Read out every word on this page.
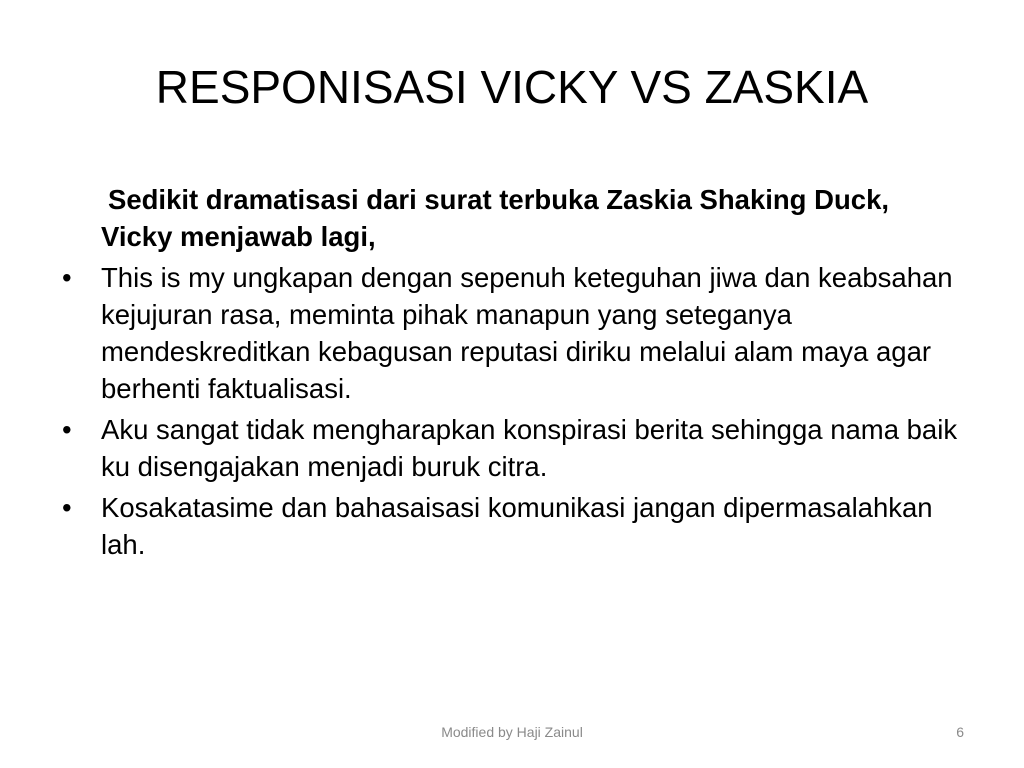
RESPONISASI VICKY VS ZASKIA

Sedikit dramatisasi dari surat terbuka Zaskia Shaking Duck, Vicky menjawab lagi,

•	This is my ungkapan dengan sepenuh keteguhan jiwa dan keabsahan kejujuran rasa, meminta pihak manapun yang seteganya mendeskreditkan kebagusan reputasi diriku melalui alam maya agar berhenti faktualisasi.
•	Aku sangat tidak mengharapkan konspirasi berita sehingga nama baik ku disengajakan menjadi buruk citra.
•	Kosakatasime dan bahasaisasi komunikasi jangan dipermasalahkan lah.
Modified by Haji Zainul	6
